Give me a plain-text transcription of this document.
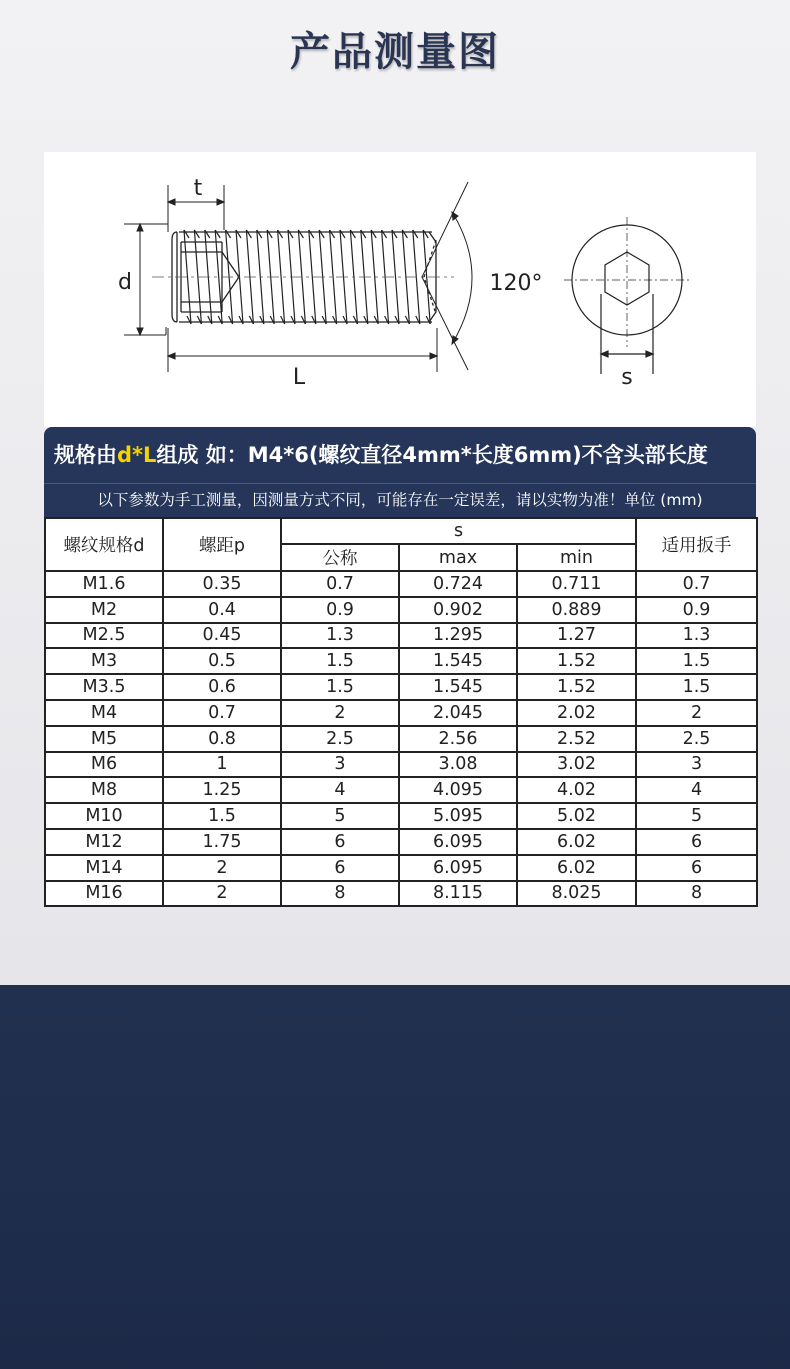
产品测量图
t
d
L
120°
s
规格由d*L组成 如：M4*6(螺纹直径4mm*长度6mm)不含头部长度
以下参数为手工测量，因测量方式不同，可能存在一定误差，请以实物为准！单位 (mm)
螺纹规格d	螺距p	s			适用扳手
		公称	max	min	
M1.6	0.35	0.7	0.724	0.711	0.7
M2	0.4	0.9	0.902	0.889	0.9
M2.5	0.45	1.3	1.295	1.27	1.3
M3	0.5	1.5	1.545	1.52	1.5
M3.5	0.6	1.5	1.545	1.52	1.5
M4	0.7	2	2.045	2.02	2
M5	0.8	2.5	2.56	2.52	2.5
M6	1	3	3.08	3.02	3
M8	1.25	4	4.095	4.02	4
M10	1.5	5	5.095	5.02	5
M12	1.75	6	6.095	6.02	6
M14	2	6	6.095	6.02	6
M16	2	8	8.115	8.025	8
